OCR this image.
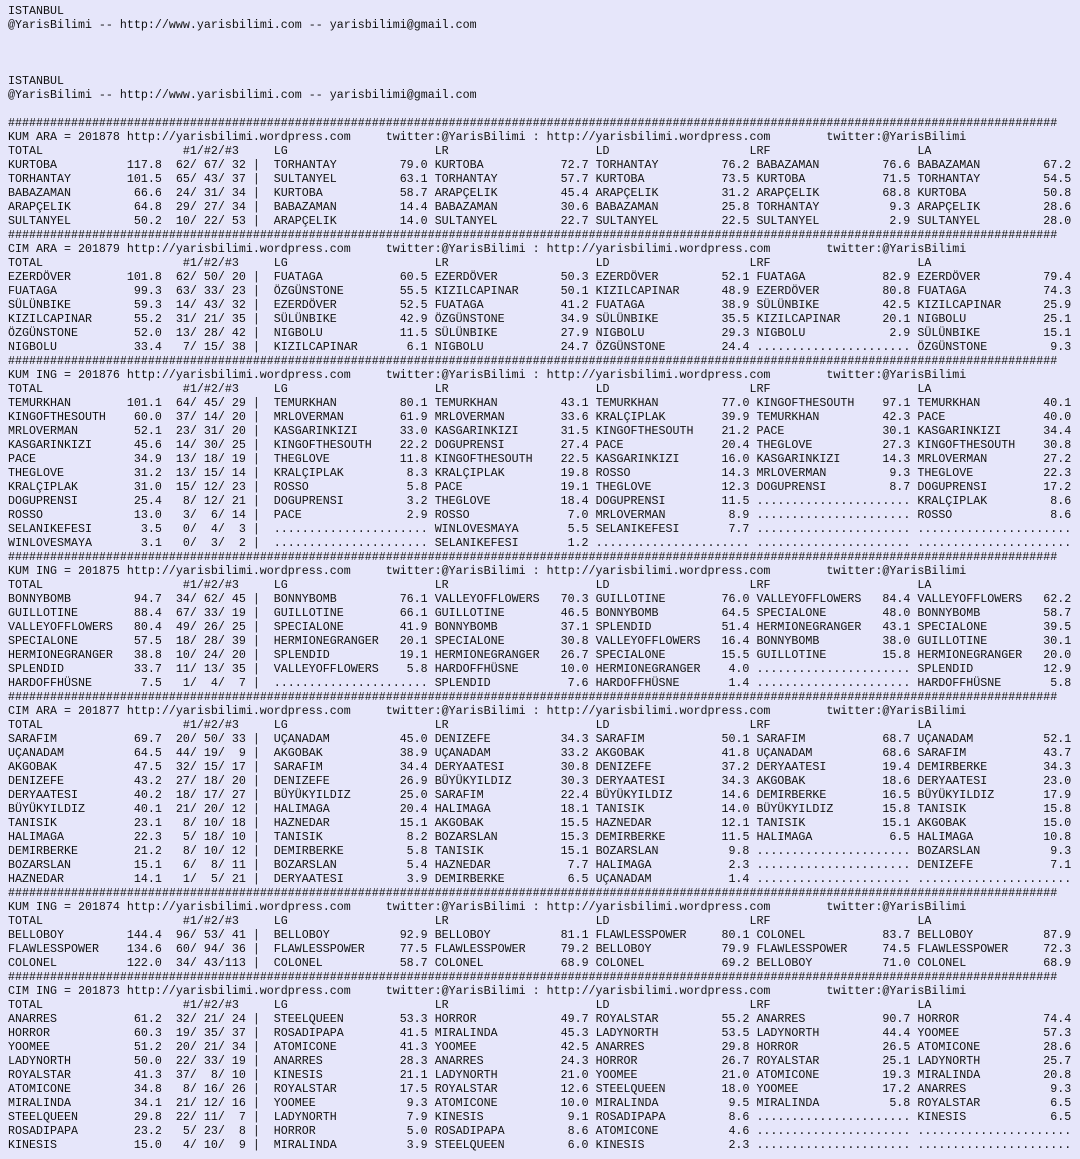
ISTANBUL
@YarisBilimi -- http://www.yarisbilimi.com -- yarisbilimi@gmail.com
ISTANBUL
@YarisBilimi -- http://www.yarisbilimi.com -- yarisbilimi@gmail.com
######################################################################################################################################################
KUM ARA = 201878 http://yarisbilimi.wordpress.com	twitter:@YarisBilimi : http://yarisbilimi.wordpress.com	twitter:@YarisBilimi
TOTAL	#1/#2/#3	LG	LR	LD	LRF	LA
KURTOBA	117.8 62/ 67/ 32 | TORHANTAY	79.0 KURTOBA	72.7 TORHANTAY	76.2 BABAZAMAN	76.6 BABAZAMAN	67.2
TORHANTAY	101.5 65/ 43/ 37 | SULTANYEL	63.1 TORHANTAY	57.7 KURTOBA	73.5 KURTOBA	71.5 TORHANTAY	54.5
BABAZAMAN	66.6 24/ 31/ 34 | KURTOBA	58.7 ARAPÇELIK	45.4 ARAPÇELIK	31.2 ARAPÇELIK	68.8 KURTOBA	50.8
ARAPÇELIK	64.8 29/ 27/ 34 | BABAZAMAN	14.4 BABAZAMAN	30.6 BABAZAMAN	25.8 TORHANTAY	9.3 ARAPÇELIK	28.6
SULTANYEL	50.2 10/ 22/ 53 | ARAPÇELIK	14.0 SULTANYEL	22.7 SULTANYEL	22.5 SULTANYEL	2.9 SULTANYEL	28.0
######################################################################################################################################################
CIM ARA = 201879 http://yarisbilimi.wordpress.com	twitter:@YarisBilimi : http://yarisbilimi.wordpress.com	twitter:@YarisBilimi
TOTAL	#1/#2/#3	LG	LR	LD	LRF	LA
EZERDÖVER	101.8 62/ 50/ 20 | FUATAGA	60.5 EZERDÖVER	50.3 EZERDÖVER	52.1 FUATAGA	82.9 EZERDÖVER	79.4
FUATAGA	99.3 63/ 33/ 23 | ÖZGÜNSTONE	55.5 KIZILCAPINAR	50.1 KIZILCAPINAR	48.9 EZERDÖVER	80.8 FUATAGA	74.3
SÜLÜNBIKE	59.3 14/ 43/ 32 | EZERDÖVER	52.5 FUATAGA	41.2 FUATAGA	38.9 SÜLÜNBIKE	42.5 KIZILCAPINAR	25.9
KIZILCAPINAR	55.2 31/ 21/ 35 | SÜLÜNBIKE	42.9 ÖZGÜNSTONE	34.9 SÜLÜNBIKE	35.5 KIZILCAPINAR	20.1 NIGBOLU	25.1
ÖZGÜNSTONE	52.0 13/ 28/ 42 | NIGBOLU	11.5 SÜLÜNBIKE	27.9 NIGBOLU	29.3 NIGBOLU	2.9 SÜLÜNBIKE	15.1
NIGBOLU	33.4 7/ 15/ 38 | KIZILCAPINAR	6.1 NIGBOLU	24.7 ÖZGÜNSTONE	24.4 ...................... ÖZGÜNSTONE	9.3
######################################################################################################################################################
KUM ING = 201876 http://yarisbilimi.wordpress.com	twitter:@YarisBilimi : http://yarisbilimi.wordpress.com	twitter:@YarisBilimi
TOTAL	#1/#2/#3	LG	LR	LD	LRF	LA
TEMURKHAN	101.1 64/ 45/ 29 | TEMURKHAN	80.1 TEMURKHAN	43.1 TEMURKHAN	77.0 KINGOFTHESOUTH 97.1 TEMURKHAN	40.1
KINGOFTHESOUTH 60.0 37/ 14/ 20 | MRLOVERMAN	61.9 MRLOVERMAN	33.6 KRALÇIPLAK	39.9 TEMURKHAN	42.3 PACE	40.0
MRLOVERMAN	52.1 23/ 31/ 20 | KASGARINKIZI	33.0 KASGARINKIZI	31.5 KINGOFTHESOUTH 21.2 PACE	30.1 KASGARINKIZI	34.4
KASGARINKIZI	45.6 14/ 30/ 25 | KINGOFTHESOUTH 22.2 DOGUPRENSI	27.4 PACE	20.4 THEGLOVE	27.3 KINGOFTHESOUTH 30.8
PACE	34.9 13/ 18/ 19 | THEGLOVE	11.8 KINGOFTHESOUTH 22.5 KASGARINKIZI	16.0 KASGARINKIZI	14.3 MRLOVERMAN	27.2
THEGLOVE	31.2 13/ 15/ 14 | KRALÇIPLAK	8.3 KRALÇIPLAK	19.8 ROSSO	14.3 MRLOVERMAN	9.3 THEGLOVE	22.3
KRALÇIPLAK	31.0 15/ 12/ 23 | ROSSO	5.8 PACE	19.1 THEGLOVE	12.3 DOGUPRENSI	8.7 DOGUPRENSI	17.2
DOGUPRENSI	25.4 8/ 12/ 21 | DOGUPRENSI	3.2 THEGLOVE	18.4 DOGUPRENSI	11.5 ...................... KRALÇIPLAK	8.6
ROSSO	13.0 3/  6/ 14 | PACE	2.9 ROSSO	7.0 MRLOVERMAN	8.9 ...................... ROSSO	8.6
SELANIKEFESI	3.5 0/  4/  3 | ...................... WINLOVESMAYA	5.5 SELANIKEFESI	7.7 ...................... ......................
WINLOVESMAYA	3.1 0/  3/  2 | ...................... SELANIKEFESI	1.2 ...................... ...................... ......................
######################################################################################################################################################
KUM ING = 201875 http://yarisbilimi.wordpress.com	twitter:@YarisBilimi : http://yarisbilimi.wordpress.com	twitter:@YarisBilimi
TOTAL	#1/#2/#3	LG	LR	LD	LRF	LA
BONNYBOMB	94.7 34/ 62/ 45 | BONNYBOMB	76.1 VALLEYOFFLOWERS 70.3 GUILLOTINE	76.0 VALLEYOFFLOWERS 84.4 VALLEYOFFLOWERS 62.2
GUILLOTINE	88.4 67/ 33/ 19 | GUILLOTINE	66.1 GUILLOTINE	46.5 BONNYBOMB	64.5 SPECIALONE	48.0 BONNYBOMB	58.7
VALLEYOFFLOWERS 80.4 49/ 26/ 25 | SPECIALONE	41.9 BONNYBOMB	37.1 SPLENDID	51.4 HERMIONEGRANGER 43.1 SPECIALONE	39.5
SPECIALONE	57.5 18/ 28/ 39 | HERMIONEGRANGER 20.1 SPECIALONE	30.8 VALLEYOFFLOWERS 16.4 BONNYBOMB	38.0 GUILLOTINE	30.1
HERMIONEGRANGER 38.8 10/ 24/ 20 | SPLENDID	19.1 HERMIONEGRANGER 26.7 SPECIALONE	15.5 GUILLOTINE	15.8 HERMIONEGRANGER 20.0
SPLENDID	33.7 11/ 13/ 35 | VALLEYOFFLOWERS 5.8 HARDOFFHÜSNE	10.0 HERMIONEGRANGER 4.0 ...................... SPLENDID	12.9
HARDOFFHÜSNE	7.5 1/  4/  7 | ...................... SPLENDID	7.6 HARDOFFHÜSNE	1.4 ...................... HARDOFFHÜSNE	5.8
######################################################################################################################################################
CIM ARA = 201877 http://yarisbilimi.wordpress.com	twitter:@YarisBilimi : http://yarisbilimi.wordpress.com	twitter:@YarisBilimi
TOTAL	#1/#2/#3	LG	LR	LD	LRF	LA
SARAFIM	69.7 20/ 50/ 33 | UÇANADAM	45.0 DENIZEFE	34.3 SARAFIM	50.1 SARAFIM	68.7 UÇANADAM	52.1
UÇANADAM	64.5 44/ 19/  9 | AKGOBAK	38.9 UÇANADAM	33.2 AKGOBAK	41.8 UÇANADAM	68.6 SARAFIM	43.7
AKGOBAK	47.5 32/ 15/ 17 | SARAFIM	34.4 DERYAATESI	30.8 DENIZEFE	37.2 DERYAATESI	19.4 DEMIRBERKE	34.3
DENIZEFE	43.2 27/ 18/ 20 | DENIZEFE	26.9 BÜYÜKYILDIZ	30.3 DERYAATESI	34.3 AKGOBAK	18.6 DERYAATESI	23.0
DERYAATESI	40.2 18/ 17/ 27 | BÜYÜKYILDIZ	25.0 SARAFIM	22.4 BÜYÜKYILDIZ	14.6 DEMIRBERKE	16.5 BÜYÜKYILDIZ	17.9
BÜYÜKYILDIZ	40.1 21/ 20/ 12 | HALIMAGA	20.4 HALIMAGA	18.1 TANISIK	14.0 BÜYÜKYILDIZ	15.8 TANISIK	15.8
TANISIK	23.1 8/ 10/ 18 | HAZNEDAR	15.1 AKGOBAK	15.5 HAZNEDAR	12.1 TANISIK	15.1 AKGOBAK	15.0
HALIMAGA	22.3 5/ 18/ 10 | TANISIK	8.2 BOZARSLAN	15.3 DEMIRBERKE	11.5 HALIMAGA	6.5 HALIMAGA	10.8
DEMIRBERKE	21.2 8/ 10/ 12 | DEMIRBERKE	5.8 TANISIK	15.1 BOZARSLAN	9.8 ...................... BOZARSLAN	9.3
BOZARSLAN	15.1 6/  8/ 11 | BOZARSLAN	5.4 HAZNEDAR	7.7 HALIMAGA	2.3 ...................... DENIZEFE	7.1
HAZNEDAR	14.1 1/  5/ 21 | DERYAATESI	3.9 DEMIRBERKE	6.5 UÇANADAM	1.4 ...................... ......................
######################################################################################################################################################
KUM ING = 201874 http://yarisbilimi.wordpress.com	twitter:@YarisBilimi : http://yarisbilimi.wordpress.com	twitter:@YarisBilimi
TOTAL	#1/#2/#3	LG	LR	LD	LRF	LA
BELLOBOY	144.4 96/ 53/ 41 | BELLOBOY	92.9 BELLOBOY	81.1 FLAWLESSPOWER	80.1 COLONEL	83.7 BELLOBOY	87.9
FLAWLESSPOWER 134.6 60/ 94/ 36 | FLAWLESSPOWER	77.5 FLAWLESSPOWER	79.2 BELLOBOY	79.9 FLAWLESSPOWER	74.5 FLAWLESSPOWER	72.3
COLONEL	122.0 34/ 43/113 | COLONEL	58.7 COLONEL	68.9 COLONEL	69.2 BELLOBOY	71.0 COLONEL	68.9
######################################################################################################################################################
CIM ING = 201873 http://yarisbilimi.wordpress.com	twitter:@YarisBilimi : http://yarisbilimi.wordpress.com	twitter:@YarisBilimi
TOTAL	#1/#2/#3	LG	LR	LD	LRF	LA
ANARRES	61.2 32/ 21/ 24 | STEELQUEEN	53.3 HORROR	49.7 ROYALSTAR	55.2 ANARRES	90.7 HORROR	74.4
HORROR	60.3 19/ 35/ 37 | ROSADIPAPA	41.5 MIRALINDA	45.3 LADYNORTH	53.5 LADYNORTH	44.4 YOOMEE	57.3
YOOMEE	51.2 20/ 21/ 34 | ATOMICONE	41.3 YOOMEE	42.5 ANARRES	29.8 HORROR	26.5 ATOMICONE	28.6
LADYNORTH	50.0 22/ 33/ 19 | ANARRES	28.3 ANARRES	24.3 HORROR	26.7 ROYALSTAR	25.1 LADYNORTH	25.7
ROYALSTAR	41.3 37/  8/ 10 | KINESIS	21.1 LADYNORTH	21.0 YOOMEE	21.0 ATOMICONE	19.3 MIRALINDA	20.8
ATOMICONE	34.8 8/ 16/ 26 | ROYALSTAR	17.5 ROYALSTAR	12.6 STEELQUEEN	18.0 YOOMEE	17.2 ANARRES	9.3
MIRALINDA	34.1 21/ 12/ 16 | YOOMEE	9.3 ATOMICONE	10.0 MIRALINDA	9.5 MIRALINDA	5.8 ROYALSTAR	6.5
STEELQUEEN	29.8 22/ 11/  7 | LADYNORTH	7.9 KINESIS	9.1 ROSADIPAPA	8.6 ...................... KINESIS	6.5
ROSADIPAPA	23.2 5/ 23/  8 | HORROR	5.0 ROSADIPAPA	8.6 ATOMICONE	4.6 ...................... ......................
KINESIS	15.0 4/ 10/  9 | MIRALINDA	3.9 STEELQUEEN	6.0 KINESIS	2.3 ...................... ......................
